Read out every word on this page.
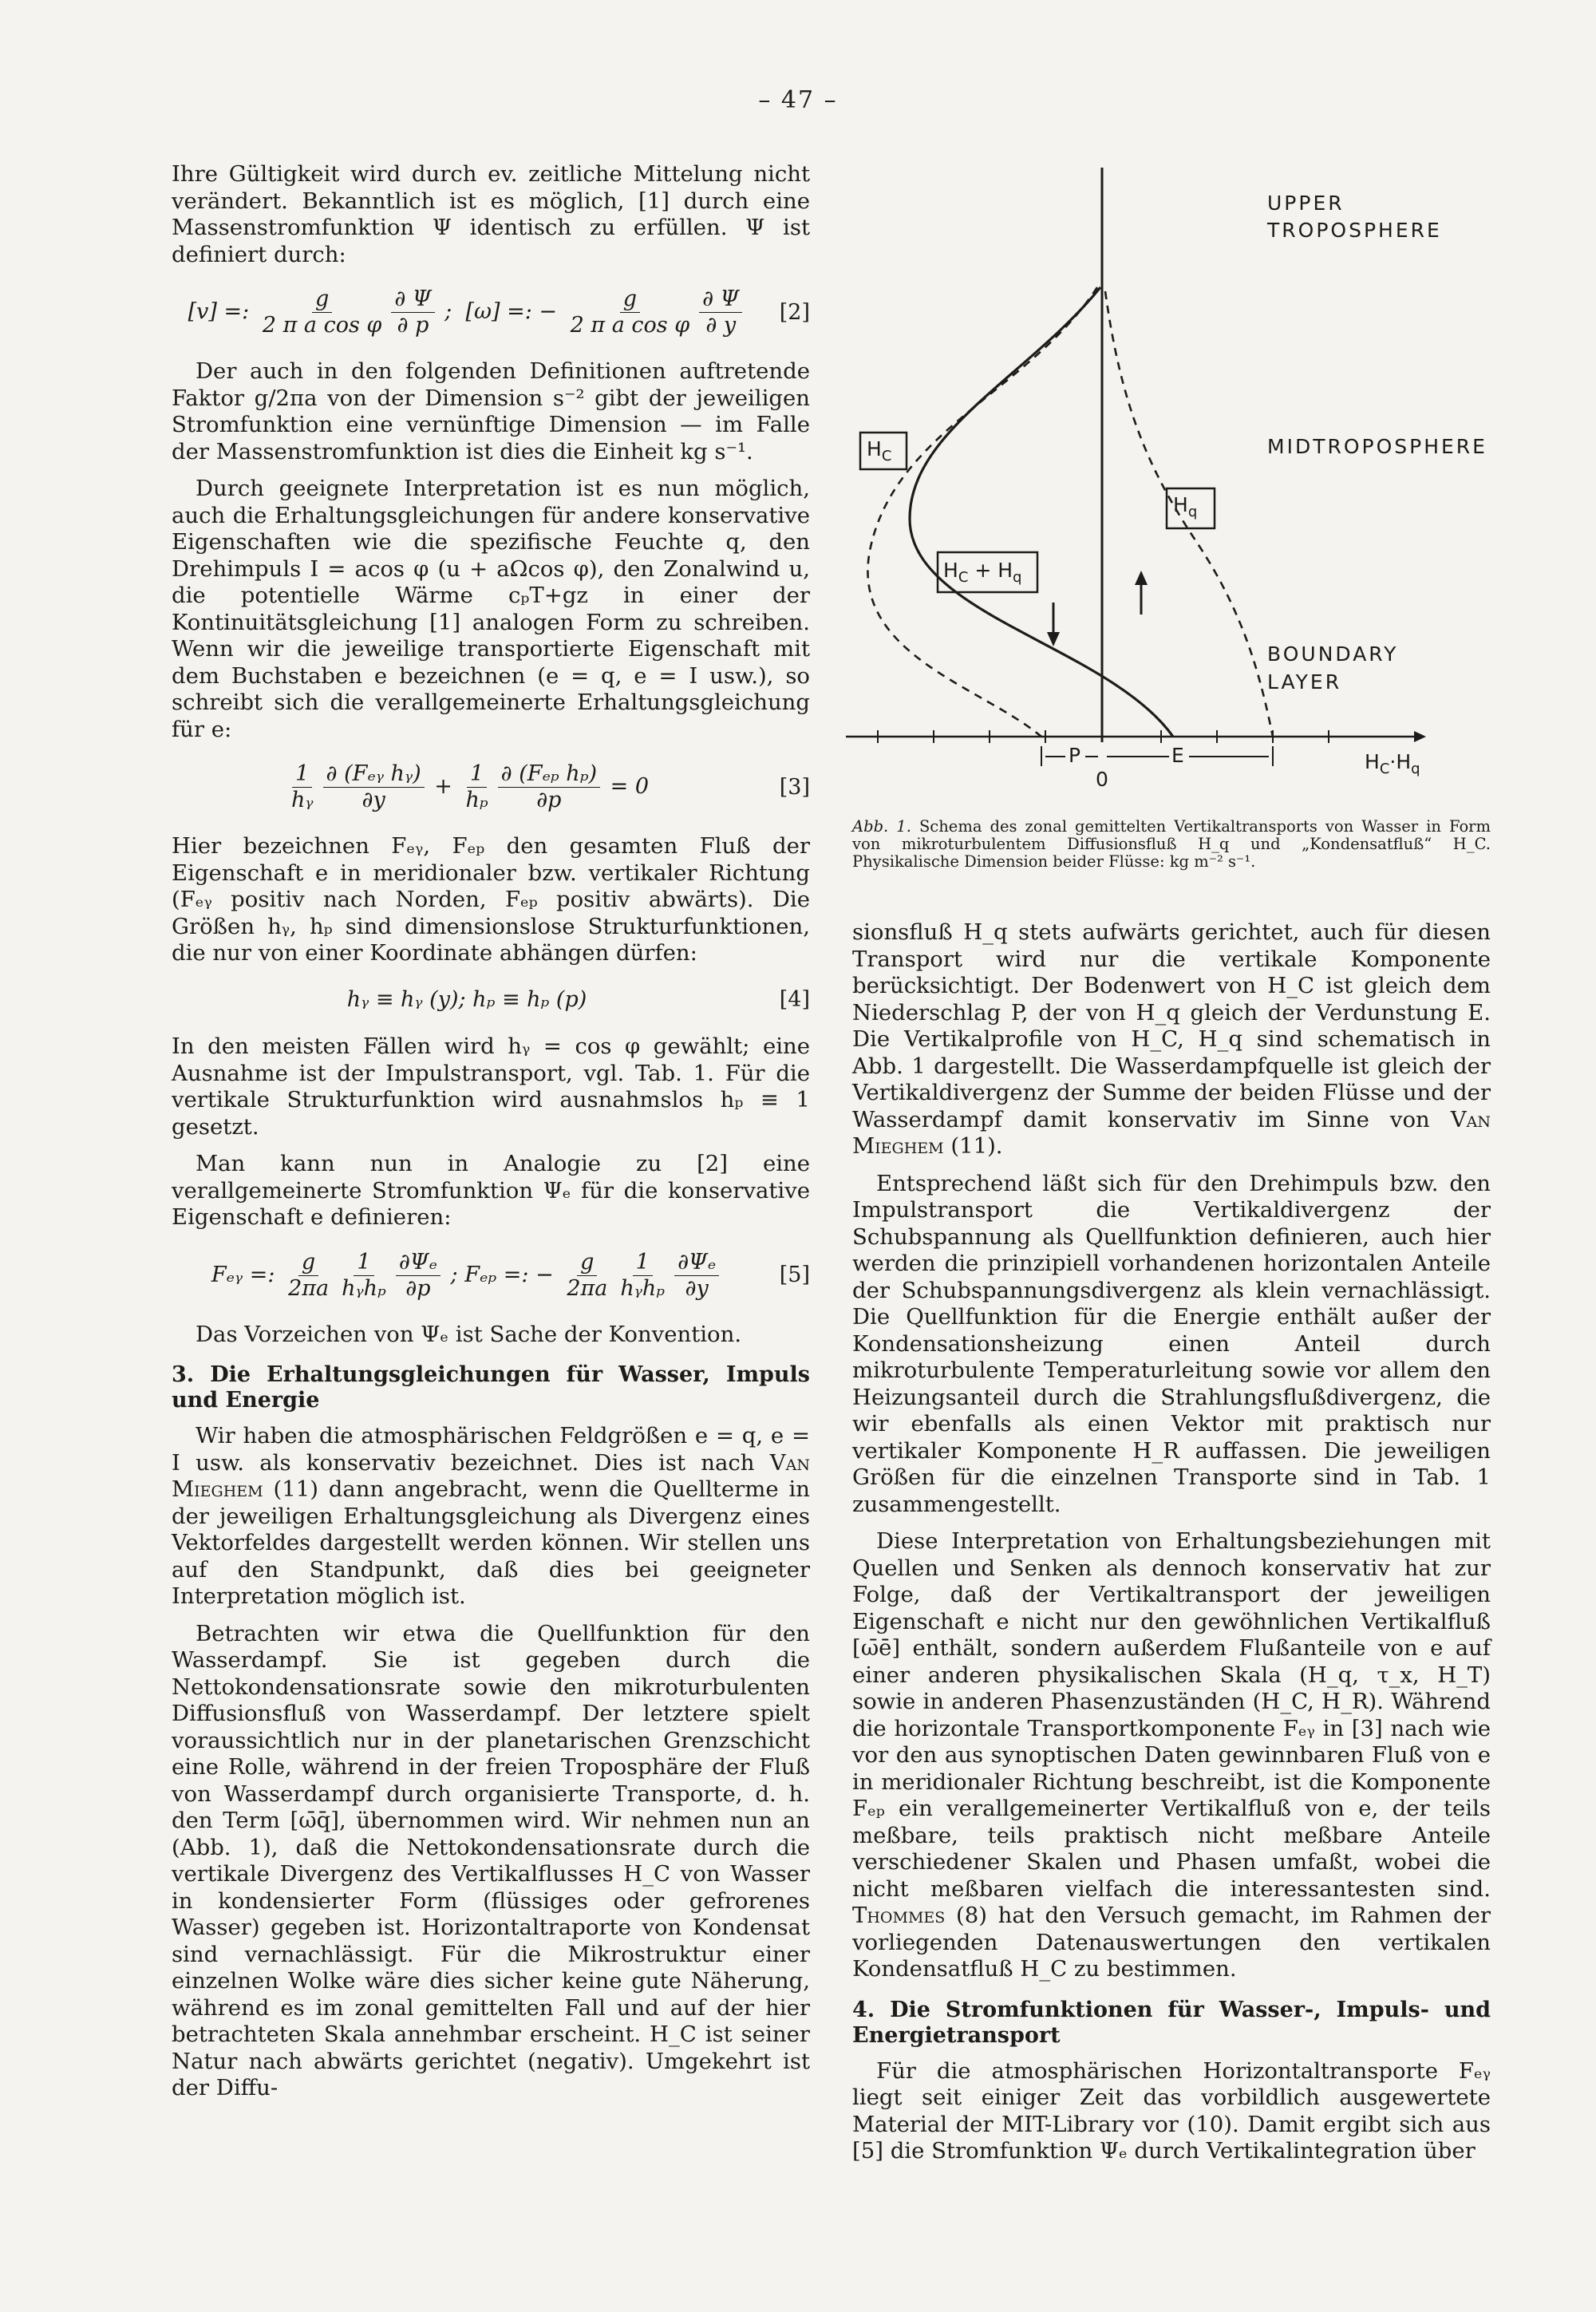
– 47 –

Ihre Gültigkeit wird durch ev. zeitliche Mittelung nicht verändert. Bekanntlich ist es möglich, [1] durch eine Massenstromfunktion Ψ identisch zu erfüllen. Ψ ist definiert durch:

[v] =: $\frac{g}{\text{2 π a cos φ}} \frac{\partial \Psi}{\partial p}$ ; [ω] =: − $\frac{g}{\text{2 π a cos φ}} \frac{\partial \Psi}{\partial y}$	[2]

Der auch in den folgenden Definitionen auftretende Faktor g/2πa von der Dimension s⁻² gibt der jeweiligen Stromfunktion eine vernünftige Dimension — im Falle der Massenstromfunktion ist dies die Einheit kg s⁻¹.

Durch geeignete Interpretation ist es nun möglich, auch die Erhaltungsgleichungen für andere konservative Eigenschaften wie die spezifische Feuchte q, den Drehimpuls I = acos φ (u + aΩcos φ), den Zonalwind u, die potentielle Wärme cₚT+gz in einer der Kontinuitätsgleichung [1] analogen Form zu schreiben. Wenn wir die jeweilige transportierte Eigenschaft mit dem Buchstaben e bezeichnen (e = q, e = I usw.), so schreibt sich die verallgemeinerte Erhaltungsgleichung für e:

$\frac{1}{\text{hᵧ}} \frac{\text{∂ (Fₑᵧ hᵧ)}}{\partial y} + \frac{1}{\text{hₚ}} \frac{\text{∂ (Fₑₚ hₚ)}}{\partial p} = 0$	[3]

Hier bezeichnen Fₑᵧ, Fₑₚ den gesamten Fluß der Eigenschaft e in meridionaler bzw. vertikaler Richtung (Fₑᵧ positiv nach Norden, Fₑₚ positiv abwärts). Die Größen hᵧ, hₚ sind dimensionslose Strukturfunktionen, die nur von einer Koordinate abhängen dürfen:

hᵧ ≡ hᵧ (y); hₚ ≡ hₚ (p)	[4]

In den meisten Fällen wird hᵧ = cos φ gewählt; eine Ausnahme ist der Impulstransport, vgl. Tab. 1. Für die vertikale Strukturfunktion wird ausnahmslos hₚ ≡ 1 gesetzt.

Man kann nun in Analogie zu [2] eine verallgemeinerte Stromfunktion Ψₑ für die konservative Eigenschaft e definieren:

Fₑᵧ =: $\frac{g}{2\pi a} \frac{1}{\text{hᵧhₚ}} \frac{\text{∂Ψₑ}}{\partial p}$ ; Fₑₚ =: − $\frac{g}{2\pi a} \frac{1}{\text{hᵧhₚ}} \frac{\text{∂Ψₑ}}{\partial y}$	[5]

Das Vorzeichen von Ψₑ ist Sache der Konvention.

3. Die Erhaltungsgleichungen für Wasser, Impuls und Energie

Wir haben die atmosphärischen Feldgrößen e = q, e = I usw. als konservativ bezeichnet. Dies ist nach Van Mieghem (11) dann angebracht, wenn die Quellterme in der jeweiligen Erhaltungsgleichung als Divergenz eines Vektorfeldes dargestellt werden können. Wir stellen uns auf den Standpunkt, daß dies bei geeigneter Interpretation möglich ist.

Betrachten wir etwa die Quellfunktion für den Wasserdampf. Sie ist gegeben durch die Nettokondensationsrate sowie den mikroturbulenten Diffusionsfluß von Wasserdampf. Der letztere spielt voraussichtlich nur in der planetarischen Grenzschicht eine Rolle, während in der freien Troposphäre der Fluß von Wasserdampf durch organisierte Transporte, d. h. den Term [ω̄q̄], übernommen wird. Wir nehmen nun an (Abb. 1), daß die Nettokondensationsrate durch die vertikale Divergenz des Vertikalflusses H_C von Wasser in kondensierter Form (flüssiges oder gefrorenes Wasser) gegeben ist. Horizontaltraporte von Kondensat sind vernachlässigt. Für die Mikrostruktur einer einzelnen Wolke wäre dies sicher keine gute Näherung, während es im zonal gemittelten Fall und auf der hier betrachteten Skala annehmbar erscheint. H_C ist seiner Natur nach abwärts gerichtet (negativ). Umgekehrt ist der Diffu-

UPPER
TROPOSPHERE
MIDTROPOSPHERE
BOUNDARY
LAYER
$H_C$
$H_C + H_q$
$H_q$
P	E
0
$H_C\cdot H_q$
Abb. 1. Schema des zonal gemittelten Vertikaltransports von Wasser in Form von mikroturbulentem Diffusionsfluß H_q und „Kondensatfluß“ H_C. Physikalische Dimension beider Flüsse: kg m⁻² s⁻¹.

sionsfluß H_q stets aufwärts gerichtet, auch für diesen Transport wird nur die vertikale Komponente berücksichtigt. Der Bodenwert von H_C ist gleich dem Niederschlag P, der von H_q gleich der Verdunstung E. Die Vertikalprofile von H_C, H_q sind schematisch in Abb. 1 dargestellt. Die Wasserdampfquelle ist gleich der Vertikaldivergenz der Summe der beiden Flüsse und der Wasserdampf damit konservativ im Sinne von Van Mieghem (11).

Entsprechend läßt sich für den Drehimpuls bzw. den Impulstransport die Vertikaldivergenz der Schubspannung als Quellfunktion definieren, auch hier werden die prinzipiell vorhandenen horizontalen Anteile der Schubspannungsdivergenz als klein vernachlässigt. Die Quellfunktion für die Energie enthält außer der Kondensationsheizung einen Anteil durch mikroturbulente Temperaturleitung sowie vor allem den Heizungsanteil durch die Strahlungsflußdivergenz, die wir ebenfalls als einen Vektor mit praktisch nur vertikaler Komponente H_R auffassen. Die jeweiligen Größen für die einzelnen Transporte sind in Tab. 1 zusammengestellt.

Diese Interpretation von Erhaltungsbeziehungen mit Quellen und Senken als dennoch konservativ hat zur Folge, daß der Vertikaltransport der jeweiligen Eigenschaft e nicht nur den gewöhnlichen Vertikalfluß [ω̄ē] enthält, sondern außerdem Flußanteile von e auf einer anderen physikalischen Skala (H_q, τ_x, H_T) sowie in anderen Phasenzuständen (H_C, H_R). Während die horizontale Transportkomponente Fₑᵧ in [3] nach wie vor den aus synoptischen Daten gewinnbaren Fluß von e in meridionaler Richtung beschreibt, ist die Komponente Fₑₚ ein verallgemeinerter Vertikalfluß von e, der teils meßbare, teils praktisch nicht meßbare Anteile verschiedener Skalen und Phasen umfaßt, wobei die nicht meßbaren vielfach die interessantesten sind. Thommes (8) hat den Versuch gemacht, im Rahmen der vorliegenden Datenauswertungen den vertikalen Kondensatfluß H_C zu bestimmen.

4. Die Stromfunktionen für Wasser-, Impuls- und Energietransport

Für die atmosphärischen Horizontaltransporte Fₑᵧ liegt seit einiger Zeit das vorbildlich ausgewertete Material der MIT-Library vor (10). Damit ergibt sich aus [5] die Stromfunktion Ψₑ durch Vertikalintegration über
